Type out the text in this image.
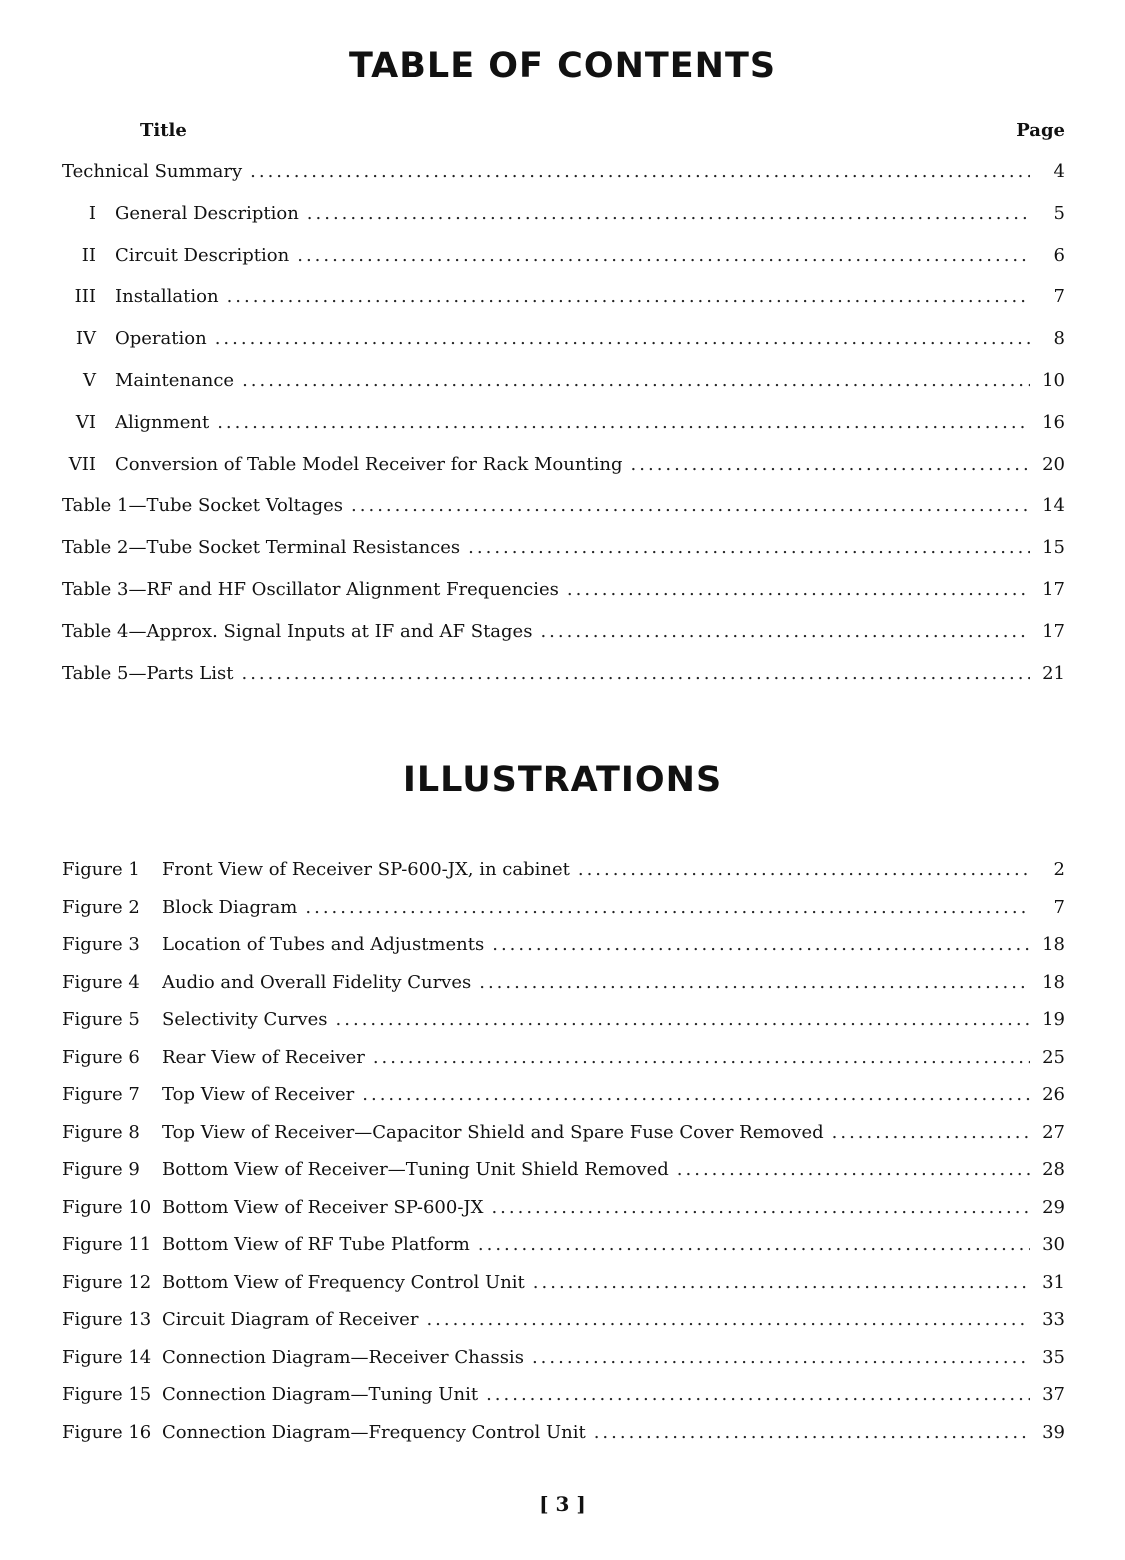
TABLE OF CONTENTS
Title	Page
Technical Summary .....	4
I General Description .....	5
II Circuit Description .....	6
III Installation .....	7
IV Operation .....	8
V Maintenance .....	10
VI Alignment .....	16
VII Conversion of Table Model Receiver for Rack Mounting .....	20
Table 1—Tube Socket Voltages .....	14
Table 2—Tube Socket Terminal Resistances .....	15
Table 3—RF and HF Oscillator Alignment Frequencies .....	17
Table 4—Approx. Signal Inputs at IF and AF Stages .....	17
Table 5—Parts List .....	21
ILLUSTRATIONS
Figure 1 Front View of Receiver SP-600-JX, in cabinet .....	2
Figure 2 Block Diagram .....	7
Figure 3 Location of Tubes and Adjustments .....	18
Figure 4 Audio and Overall Fidelity Curves .....	18
Figure 5 Selectivity Curves .....	19
Figure 6 Rear View of Receiver .....	25
Figure 7 Top View of Receiver .....	26
Figure 8 Top View of Receiver—Capacitor Shield and Spare Fuse Cover Removed .....	27
Figure 9 Bottom View of Receiver—Tuning Unit Shield Removed .....	28
Figure 10 Bottom View of Receiver SP-600-JX .....	29
Figure 11 Bottom View of RF Tube Platform .....	30
Figure 12 Bottom View of Frequency Control Unit .....	31
Figure 13 Circuit Diagram of Receiver .....	33
Figure 14 Connection Diagram—Receiver Chassis .....	35
Figure 15 Connection Diagram—Tuning Unit .....	37
Figure 16 Connection Diagram—Frequency Control Unit .....	39
[ 3 ]
